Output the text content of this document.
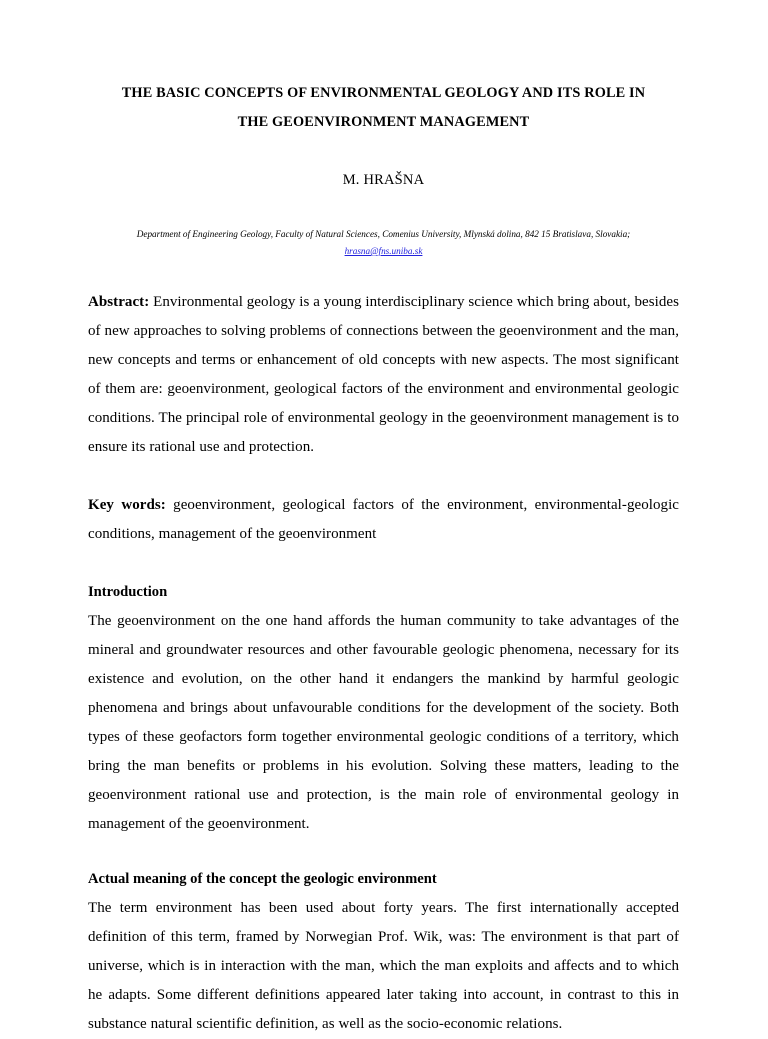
THE BASIC CONCEPTS OF ENVIRONMENTAL GEOLOGY AND ITS ROLE IN
THE GEOENVIRONMENT MANAGEMENT
M. HRAŠNA
Department of Engineering Geology, Faculty of Natural Sciences, Comenius University, Mlynská dolina, 842 15 Bratislava, Slovakia;
hrasna@fns.uniba.sk

Abstract: Environmental geology is a young interdisciplinary science which bring about, besides of new approaches to solving problems of connections between the geoenvironment and the man, new concepts and terms or enhancement of old concepts with new aspects. The most significant of them are: geoenvironment, geological factors of the environment and environmental geologic conditions. The principal role of environmental geology in the geoenvironment management is to ensure its rational use and protection.

Key words: geoenvironment, geological factors of the environment, environmental-geologic conditions, management of the geoenvironment

Introduction

The geoenvironment on the one hand affords the human community to take advantages of the mineral and groundwater resources and other favourable geologic phenomena, necessary for its existence and evolution, on the other hand it endangers the mankind by harmful geologic phenomena and brings about unfavourable conditions for the development of the society. Both types of these geofactors form together environmental geologic conditions of a territory, which bring the man benefits or problems in his evolution. Solving these matters, leading to the geoenvironment rational use and protection, is the main role of environmental geology in management of the geoenvironment.

Actual meaning of the concept the geologic environment

The term environment has been used about forty years. The first internationally accepted definition of this term, framed by Norwegian Prof. Wik, was: The environment is that part of universe, which is in interaction with the man, which the man exploits and affects and to which he adapts. Some different definitions appeared later taking into account, in contrast to this in substance natural scientific definition, as well as the socio-economic relations.
